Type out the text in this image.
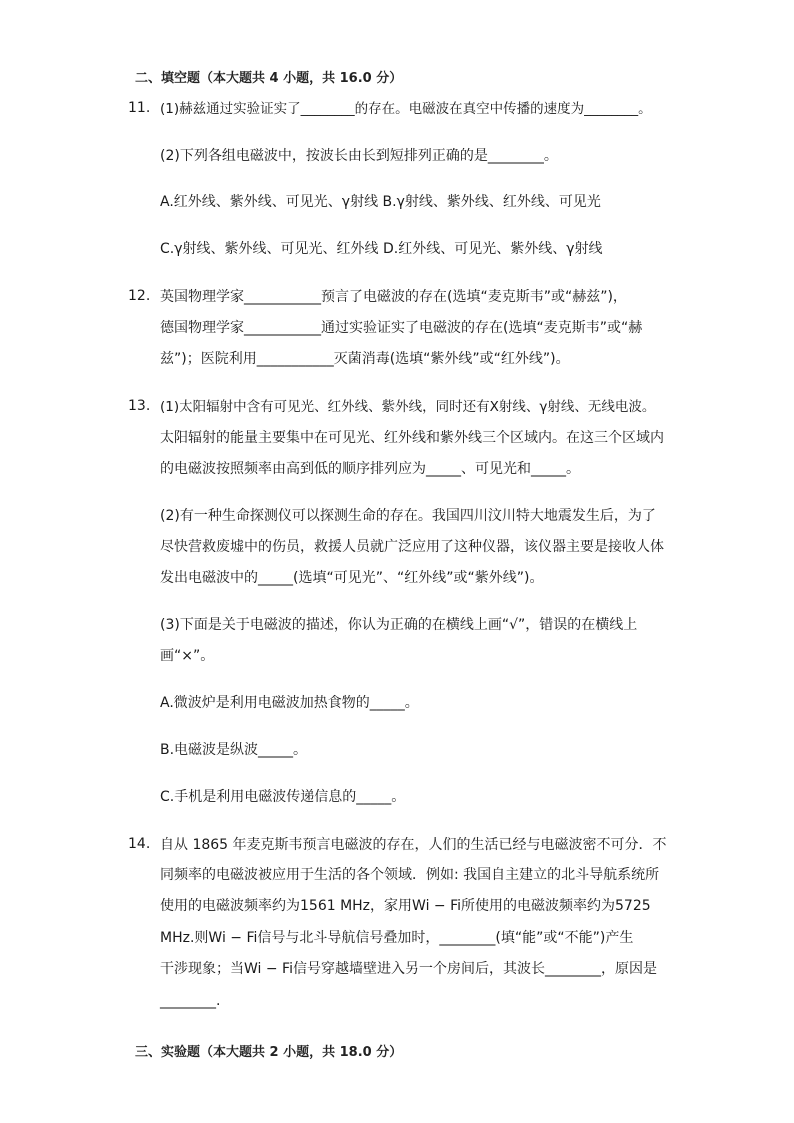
二、填空题（本大题共 4 小题，共 16.0 分）
11. (1)赫兹通过实验证实了________的存在。电磁波在真空中传播的速度为________。
(2)下列各组电磁波中，按波长由长到短排列正确的是________。
A.红外线、紫外线、可见光、γ射线 B.γ射线、紫外线、红外线、可见光
C.γ射线、紫外线、可见光、红外线 D.红外线、可见光、紫外线、γ射线
12. 英国物理学家___________预言了电磁波的存在(选填“麦克斯韦”或“赫兹”)，
德国物理学家___________通过实验证实了电磁波的存在(选填“麦克斯韦”或“赫
兹”)；医院利用___________灭菌消毒(选填“紫外线”或“红外线”)。
13. (1)太阳辐射中含有可见光、红外线、紫外线，同时还有X射线、γ射线、无线电波。
太阳辐射的能量主要集中在可见光、红外线和紫外线三个区域内。在这三个区域内
的电磁波按照频率由高到低的顺序排列应为_____、可见光和_____。
(2)有一种生命探测仪可以探测生命的存在。我国四川汶川特大地震发生后，为了
尽快营救废墟中的伤员，救援人员就广泛应用了这种仪器，该仪器主要是接收人体
发出电磁波中的_____(选填“可见光”、“红外线”或“紫外线”)。
(3)下面是关于电磁波的描述，你认为正确的在横线上画“√”，错误的在横线上
画“×”。
A.微波炉是利用电磁波加热食物的_____。
B.电磁波是纵波_____。
C.手机是利用电磁波传递信息的_____。
14. 自从 1865 年麦克斯韦预言电磁波的存在，人们的生活已经与电磁波密不可分．不
同频率的电磁波被应用于生活的各个领域．例如: 我国自主建立的北斗导航系统所
使用的电磁波频率约为1561 MHz，家用Wi − Fi所使用的电磁波频率约为5725
MHz.则Wi − Fi信号与北斗导航信号叠加时，________(填“能”或“不能”)产生
干涉现象；当Wi − Fi信号穿越墙壁进入另一个房间后，其波长________，原因是
________.
三、实验题（本大题共 2 小题，共 18.0 分）
